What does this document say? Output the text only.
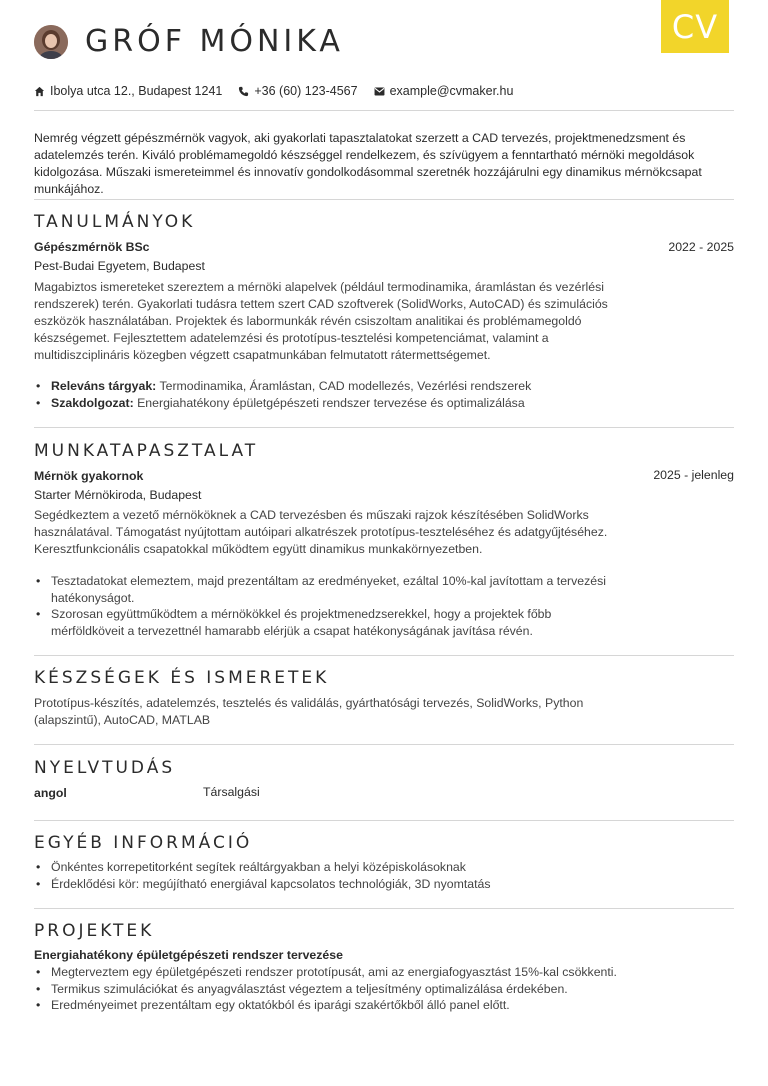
CV
GRÓF MÓNIKA
Ibolya utca 12., Budapest 1241	+36 (60) 123-4567	example@cvmaker.hu
Nemrég végzett gépészmérnök vagyok, aki gyakorlati tapasztalatokat szerzett a CAD tervezés, projektmenedzsment és adatelemzés terén. Kiváló problémamegoldó készséggel rendelkezem, és szívügyem a fenntartható mérnöki megoldások kidolgozása. Műszaki ismereteimmel és innovatív gondolkodásommal szeretnék hozzájárulni egy dinamikus mérnökcsapat munkájához.
TANULMÁNYOK
Gépészmérnök BSc	2022 - 2025
Pest-Budai Egyetem, Budapest
Magabiztos ismereteket szereztem a mérnöki alapelvek (például termodinamika, áramlástan és vezérlési rendszerek) terén. Gyakorlati tudásra tettem szert CAD szoftverek (SolidWorks, AutoCAD) és szimulációs eszközök használatában. Projektek és labormunkák révén csiszoltam analitikai és problémamegoldó készségemet. Fejlesztettem adatelemzési és prototípus-tesztelési kompetenciámat, valamint a multidiszciplináris közegben végzett csapatmunkában felmutatott rátermettségemet.
• Releváns tárgyak: Termodinamika, Áramlástan, CAD modellezés, Vezérlési rendszerek
• Szakdolgozat: Energiahatékony épületgépészeti rendszer tervezése és optimalizálása
MUNKATAPASZTALAT
Mérnök gyakornok	2025 - jelenleg
Starter Mérnökiroda, Budapest
Segédkeztem a vezető mérnököknek a CAD tervezésben és műszaki rajzok készítésében SolidWorks használatával. Támogatást nyújtottam autóipari alkatrészek prototípus-teszteléséhez és adatgyűjtéséhez. Keresztfunkcionális csapatokkal működtem együtt dinamikus munkakörnyezetben.
• Tesztadatokat elemeztem, majd prezentáltam az eredményeket, ezáltal 10%-kal javítottam a tervezési hatékonyságot.
• Szorosan együttműködtem a mérnökökkel és projektmenedzserekkel, hogy a projektek főbb mérföldköveit a tervezettnél hamarabb elérjük a csapat hatékonyságának javítása révén.
KÉSZSÉGEK ÉS ISMERETEK
Prototípus-készítés, adatelemzés, tesztelés és validálás, gyárthatósági tervezés, SolidWorks, Python (alapszintű), AutoCAD, MATLAB
NYELVTUDÁS
angol	Társalgási
EGYÉB INFORMÁCIÓ
• Önkéntes korrepetitorként segítek reáltárgyakban a helyi középiskolásoknak
• Érdeklődési kör: megújítható energiával kapcsolatos technológiák, 3D nyomtatás
PROJEKTEK
Energiahatékony épületgépészeti rendszer tervezése
• Megterveztem egy épületgépészeti rendszer prototípusát, ami az energiafogyasztást 15%-kal csökkenti.
• Termikus szimulációkat és anyagválasztást végeztem a teljesítmény optimalizálása érdekében.
• Eredményeimet prezentáltam egy oktatókból és iparági szakértőkből álló panel előtt.
